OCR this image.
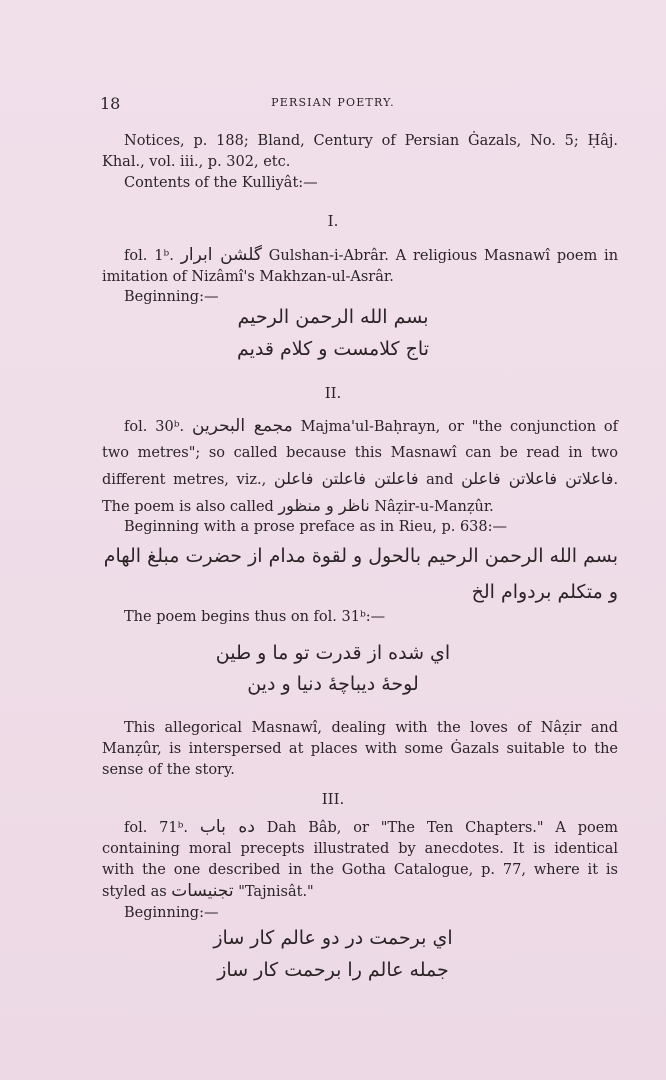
18	PERSIAN POETRY.
Notices, p. 188; Bland, Century of Persian Ġazals, No. 5; Ḥâj. Khal., vol. iii., p. 302, etc.
Contents of the Kulliyât:—
I.
fol. 1ᵇ. گلشن ابرار Gulshan-i-Abrâr. A religious Masnawî poem in imitation of Nizâmî's Makhzan-ul-Asrâr.
Beginning:—
بسم الله الرحمن الرحيم
تاج كلامست و كلام قديم
II.
fol. 30ᵇ. مجمع البحرين Majma'ul-Baḥrayn, or "the conjunction of two metres"; so called because this Masnawî can be read in two different metres, viz., فاعلتن فاعلتن فاعلن and فاعلاتن فاعلاتن فاعلن. The poem is also called ناظر و منظور Nâẓir-u-Manẓûr.
Beginning with a prose preface as in Rieu, p. 638:—
بسم الله الرحمن الرحيم بالحول و لقوة مدام از حضرت مبلغ الهام و متكلم بردوام الخ
The poem begins thus on fol. 31ᵇ:—
اي شده از قدرت تو ما و طين
لوحهٔ ديباچهٔ دنيا و دين
This allegorical Masnawî, dealing with the loves of Nâẓir and Manẓûr, is interspersed at places with some Ġazals suitable to the sense of the story.
III.
fol. 71ᵇ. ده باب Dah Bâb, or "The Ten Chapters." A poem containing moral precepts illustrated by anecdotes. It is identical with the one described in the Gotha Catalogue, p. 77, where it is styled as تجنيسات "Tajnisât."
Beginning:—
اي برحمت در دو عالم كار ساز
جمله عالم را برحمت كار ساز
